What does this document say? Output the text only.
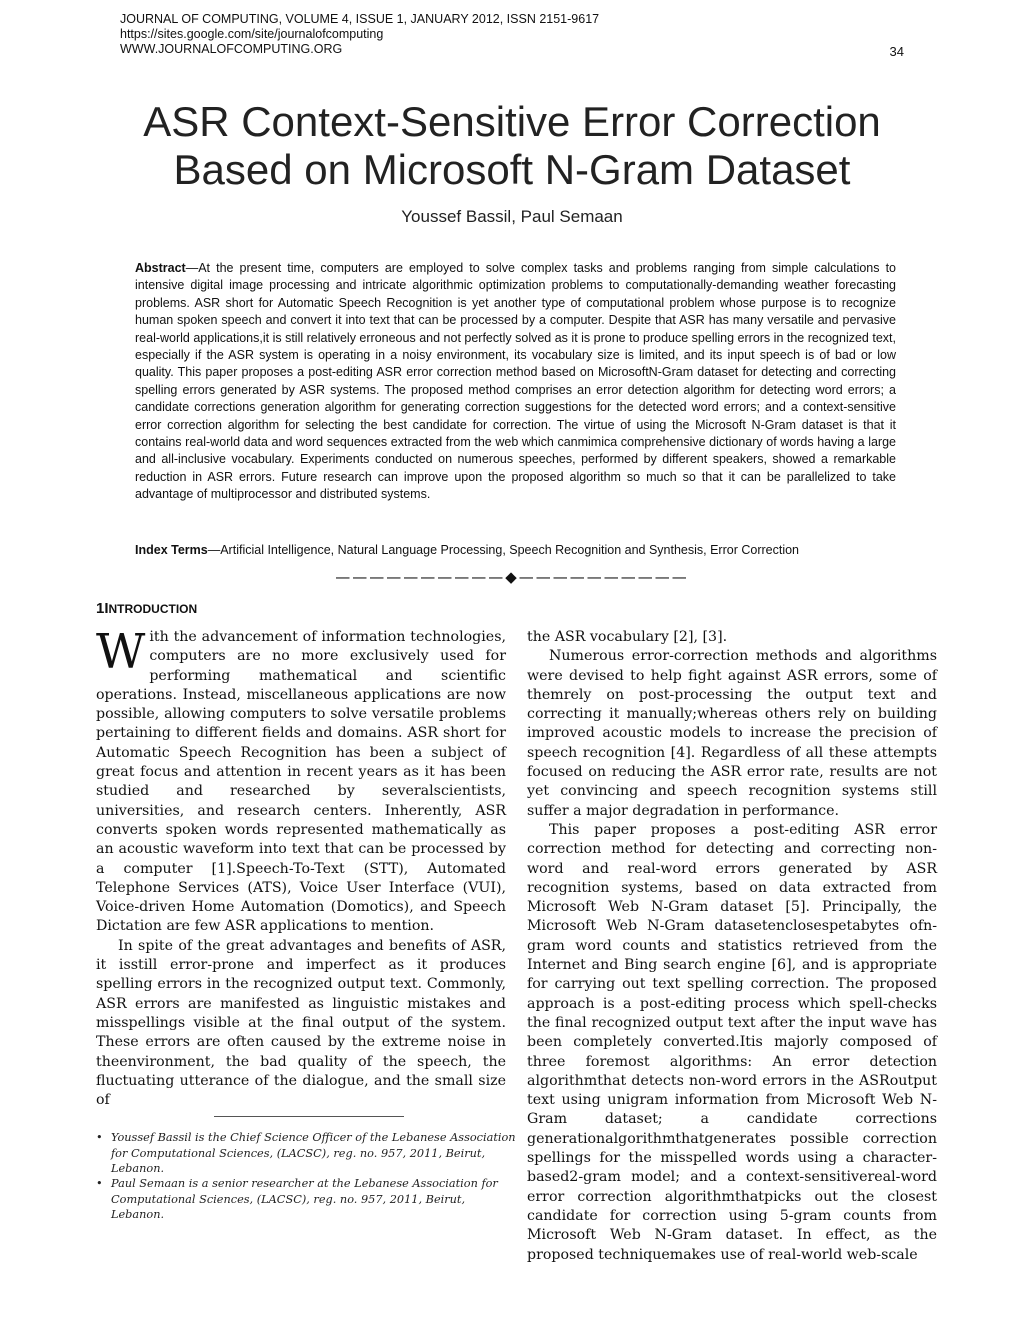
JOURNAL OF COMPUTING, VOLUME 4, ISSUE 1, JANUARY 2012, ISSN 2151-9617
https://sites.google.com/site/journalofcomputing
WWW.JOURNALOFCOMPUTING.ORG	34
ASR Context-Sensitive Error Correction
Based on Microsoft N-Gram Dataset
Youssef Bassil, Paul Semaan
Abstract—At the present time, computers are employed to solve complex tasks and problems ranging from simple calculations to intensive digital image processing and intricate algorithmic optimization problems to computationally-demanding weather forecasting problems. ASR short for Automatic Speech Recognition is yet another type of computational problem whose purpose is to recognize human spoken speech and convert it into text that can be processed by a computer. Despite that ASR has many versatile and pervasive real-world applications,it is still relatively erroneous and not perfectly solved as it is prone to produce spelling errors in the recognized text, especially if the ASR system is operating in a noisy environment, its vocabulary size is limited, and its input speech is of bad or low quality. This paper proposes a post-editing ASR error correction method based on MicrosoftN-Gram dataset for detecting and correcting spelling errors generated by ASR systems. The proposed method comprises an error detection algorithm for detecting word errors; a candidate corrections generation algorithm for generating correction suggestions for the detected word errors; and a context-sensitive error correction algorithm for selecting the best candidate for correction. The virtue of using the Microsoft N-Gram dataset is that it contains real-world data and word sequences extracted from the web which canmimica comprehensive dictionary of words having a large and all-inclusive vocabulary. Experiments conducted on numerous speeches, performed by different speakers, showed a remarkable reduction in ASR errors. Future research can improve upon the proposed algorithm so much so that it can be parallelized to take advantage of multiprocessor and distributed systems.
Index Terms—Artificial Intelligence, Natural Language Processing, Speech Recognition and Synthesis, Error Correction
——————————◆——————————
1INTRODUCTION

With the advancement of information technologies, computers are no more exclusively used for performing mathematical and scientific operations. Instead, miscellaneous applications are now possible, allowing computers to solve versatile problems pertaining to different fields and domains. ASR short for Automatic Speech Recognition has been a subject of great focus and attention in recent years as it has been studied and researched by severalscientists, universities, and research centers. Inherently, ASR converts spoken words represented mathematically as an acoustic waveform into text that can be processed by a computer [1].Speech-To-Text (STT), Automated Telephone Services (ATS), Voice User Interface (VUI), Voice-driven Home Automation (Domotics), and Speech Dictation are few ASR applications to mention.

In spite of the great advantages and benefits of ASR, it isstill error-prone and imperfect as it produces spelling errors in the recognized output text. Commonly, ASR errors are manifested as linguistic mistakes and misspellings visible at the final output of the system. These errors are often caused by the extreme noise in theenvironment, the bad quality of the speech, the fluctuating utterance of the dialogue, and the small size of

the ASR vocabulary [2], [3].

Numerous error-correction methods and algorithms were devised to help fight against ASR errors, some of themrely on post-processing the output text and correcting it manually;whereas others rely on building improved acoustic models to increase the precision of speech recognition [4]. Regardless of all these attempts focused on reducing the ASR error rate, results are not yet convincing and speech recognition systems still suffer a major degradation in performance.

This paper proposes a post-editing ASR error correction method for detecting and correcting non-word and real-word errors generated by ASR recognition systems, based on data extracted from Microsoft Web N-Gram dataset [5]. Principally, the Microsoft Web N-Gram datasetenclosespetabytes ofn-gram word counts and statistics retrieved from the Internet and Bing search engine [6], and is appropriate for carrying out text spelling correction. The proposed approach is a post-editing process which spell-checks the final recognized output text after the input wave has been completely converted.Itis majorly composed of three foremost algorithms: An error detection algorithmthat detects non-word errors in the ASRoutput text using unigram information from Microsoft Web N-Gram dataset; a candidate corrections generationalgorithmthatgenerates possible correction spellings for the misspelled words using a character-based2-gram model; and a context-sensitivereal-word error correction algorithmthatpicks out the closest candidate for correction using 5-gram counts from Microsoft Web N-Gram dataset. In effect, as the proposed techniquemakes use of real-world web-scale

• Youssef Bassil is the Chief Science Officer of the Lebanese Association for Computational Sciences, (LACSC), reg. no. 957, 2011, Beirut, Lebanon.
• Paul Semaan is a senior researcher at the Lebanese Association for Computational Sciences, (LACSC), reg. no. 957, 2011, Beirut, Lebanon.
